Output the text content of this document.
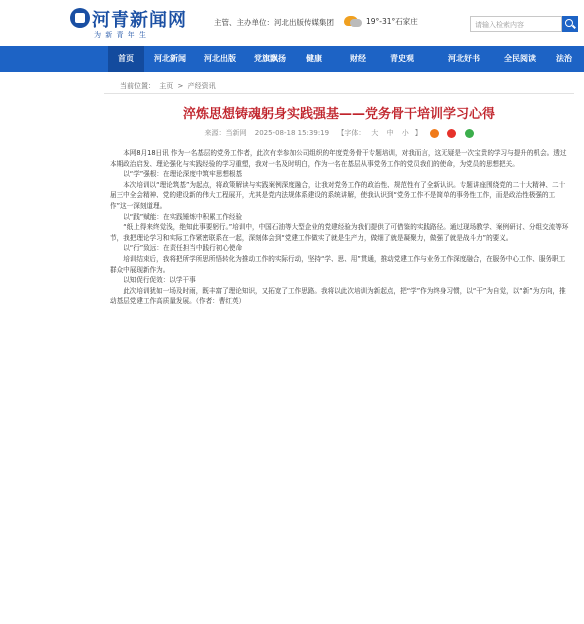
河青新闻网
为 新 青 年 生
主管、主办单位：河北出版传媒集团	19°-31°石家庄	请输入检索内容
首页	河北新闻	河北出版	党旗飘扬	健康	财经	青史观	河北好书	全民阅读	法治
当前位置： 主页 > 产经资讯
淬炼思想铸魂躬身实践强基——党务骨干培训学习心得
来源：当新网 2025-08-18 15:39:19 【字体： 大 中 小 】

本网8月18日讯 作为一名基层的党务工作者，此次有幸参加公司组织的年度党务骨干专题培训，对我而言，这无疑是一次宝贵的学习与提升的机会。透过本期政治启发、理论强化与实践经验的学习重塑，我对一名及时明白，作为一名在基层从事党务工作的党员我们的使命，为党员的思想把关。

以“学”强根：在理论深度中筑牢思想根基

本次培训以“理论筑基”为起点，将政策解读与实践案例深度融合，让我对党务工作的政治性、规范性有了全新认识。专题讲座围绕党的二十大精神、二十届三中全会精神、党的建设新的伟大工程展开，尤其是党内法规体系建设的系统讲解，使我认识到“党务工作不是简单的事务性工作，而是政治性极强的工作”这一深刻道理。

以“践”赋能：在实践锤炼中积累工作经验

“纸上得来终觉浅，绝知此事要躬行。”培训中，中国石油等大型企业的党建经验为我们提供了可借鉴的实践路径。通过现场教学、案例研讨、分组交流等环节，我把理论学习和实际工作紧密联系在一起，深刻体会到“党建工作做实了就是生产力，做细了就是凝聚力，做强了就是战斗力”的要义。

以“行”致远：在责任担当中践行初心使命

培训结束后，我将把所学所思所悟转化为推动工作的实际行动，坚持“学、思、用”贯通，推动党建工作与业务工作深度融合，在服务中心工作、服务职工群众中展现新作为。

以知促行促效：以学干事

此次培训犹如一场及时雨，既丰富了理论知识，又拓宽了工作思路。我将以此次培训为新起点，把“学”作为终身习惯，以“干”为自觉，以“新”为方向，推动基层党建工作高质量发展。（作者：曹红英）
